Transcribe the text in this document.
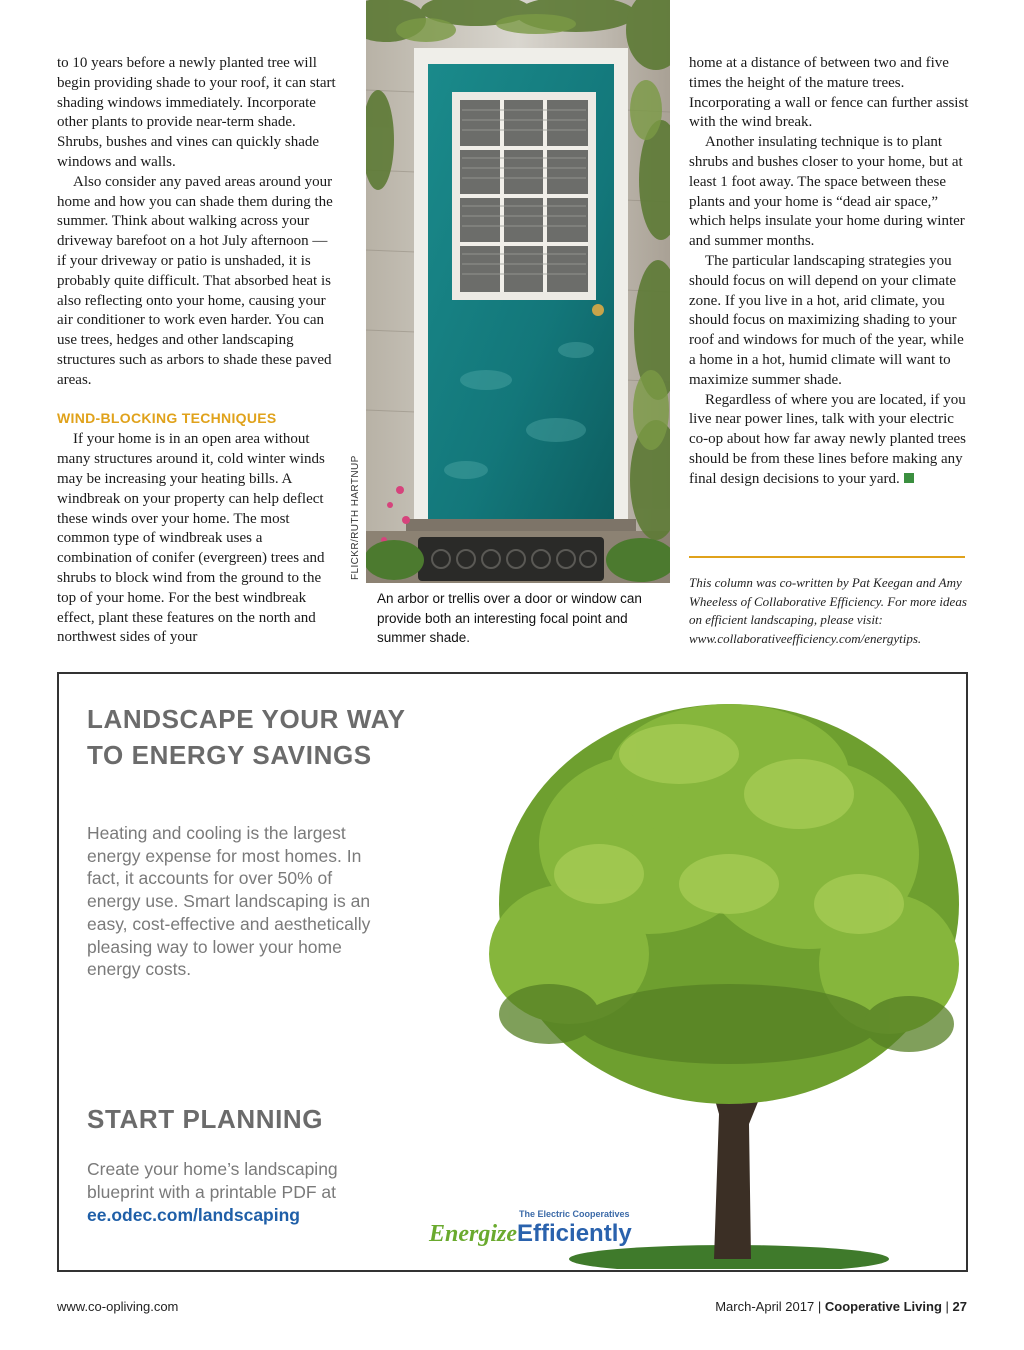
to 10 years before a newly planted tree will begin providing shade to your roof, it can start shading windows immediately. Incorporate other plants to provide near-term shade. Shrubs, bushes and vines can quickly shade windows and walls.

Also consider any paved areas around your home and how you can shade them during the summer. Think about walking across your driveway barefoot on a hot July afternoon — if your driveway or patio is unshaded, it is probably quite difficult. That absorbed heat is also reflecting onto your home, causing your air conditioner to work even harder. You can use trees, hedges and other landscaping structures such as arbors to shade these paved areas.

WIND-BLOCKING TECHNIQUES

If your home is in an open area without many structures around it, cold winter winds may be increasing your heating bills. A windbreak on your property can help deflect these winds over your home. The most common type of windbreak uses a combination of conifer (evergreen) trees and shrubs to block wind from the ground to the top of your home. For the best windbreak effect, plant these features on the north and northwest sides of your

FLICKR/RUTH HARTNUP
An arbor or trellis over a door or window can provide both an interesting focal point and summer shade.

home at a distance of between two and five times the height of the mature trees. Incorporating a wall or fence can further assist with the wind break.

Another insulating technique is to plant shrubs and bushes closer to your home, but at least 1 foot away. The space between these plants and your home is “dead air space,” which helps insulate your home during winter and summer months.

The particular landscaping strategies you should focus on will depend on your climate zone. If you live in a hot, arid climate, you should focus on maximizing shading to your roof and windows for much of the year, while a home in a hot, humid climate will want to maximize summer shade.

Regardless of where you are located, if you live near power lines, talk with your electric co-op about how far away newly planted trees should be from these lines before making any final design decisions to your yard.

This column was co-written by Pat Keegan and Amy Wheeless of Collaborative Efficiency. For more ideas on efficient landscaping, please visit: www.collaborativeefficiency.com/energytips.
LANDSCAPE YOUR WAY TO ENERGY SAVINGS
Heating and cooling is the largest energy expense for most homes. In fact, it accounts for over 50% of energy use. Smart landscaping is an easy, cost-effective and aesthetically pleasing way to lower your home energy costs.
START PLANNING
Create your home’s landscaping blueprint with a printable PDF at
ee.odec.com/landscaping	The Electric Cooperatives
EnergizeEfficiently
www.co-opliving.com	March-April 2017 | Cooperative Living | 27
